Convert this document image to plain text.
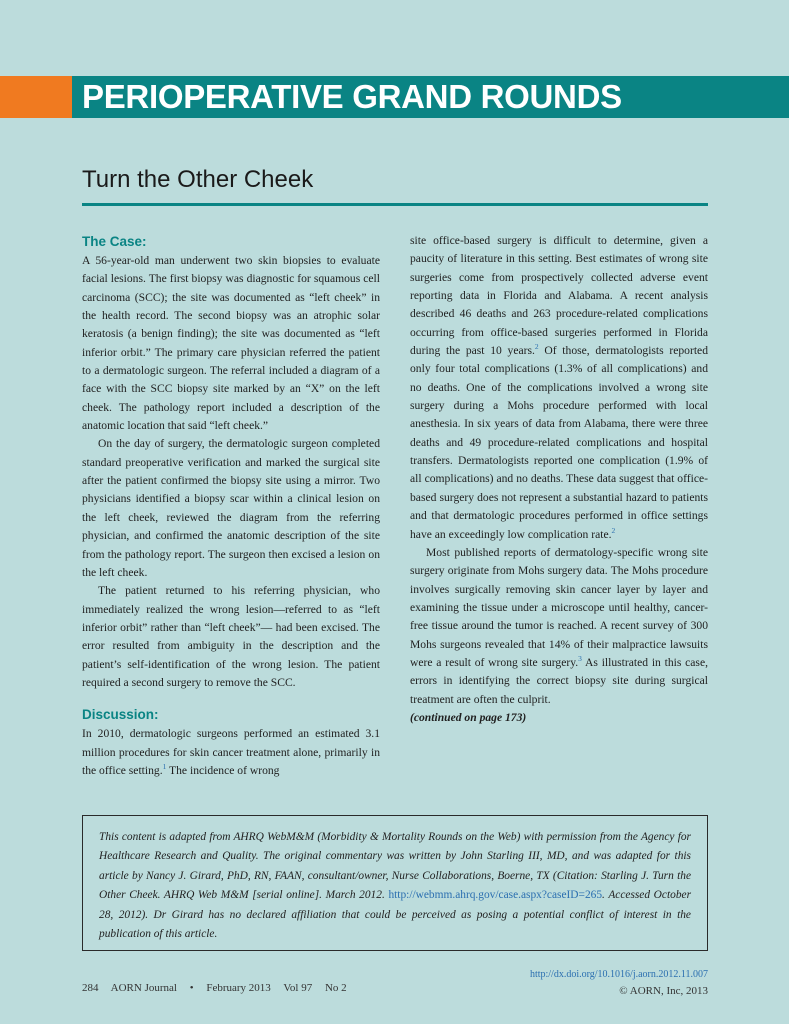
PERIOPERATIVE GRAND ROUNDS
Turn the Other Cheek
The Case:

A 56-year-old man underwent two skin biopsies to evaluate facial lesions. The first biopsy was diagnostic for squamous cell carcinoma (SCC); the site was documented as “left cheek” in the health record. The second biopsy was an atrophic solar keratosis (a benign finding); the site was documented as “left inferior orbit.” The primary care physician referred the patient to a dermatologic surgeon. The referral included a diagram of a face with the SCC biopsy site marked by an “X” on the left cheek. The pathology report included a description of the anatomic location that said “left cheek.”

On the day of surgery, the dermatologic surgeon completed standard preoperative verification and marked the surgical site after the patient confirmed the biopsy site using a mirror. Two physicians identified a biopsy scar within a clinical lesion on the left cheek, reviewed the diagram from the referring physician, and confirmed the anatomic description of the site from the pathology report. The surgeon then excised a lesion on the left cheek.

The patient returned to his referring physician, who immediately realized the wrong lesion—referred to as “left inferior orbit” rather than “left cheek”— had been excised. The error resulted from ambiguity in the description and the patient’s self-identification of the wrong lesion. The patient required a second surgery to remove the SCC.

Discussion:

In 2010, dermatologic surgeons performed an estimated 3.1 million procedures for skin cancer treatment alone, primarily in the office setting.$^1$ The incidence of wrong

site office-based surgery is difficult to determine, given a paucity of literature in this setting. Best estimates of wrong site surgeries come from prospectively collected adverse event reporting data in Florida and Alabama. A recent analysis described 46 deaths and 263 procedure-related complications occurring from office-based surgeries performed in Florida during the past 10 years.$^2$ Of those, dermatologists reported only four total complications (1.3% of all complications) and no deaths. One of the complications involved a wrong site surgery during a Mohs procedure performed with local anesthesia. In six years of data from Alabama, there were three deaths and 49 procedure-related complications and hospital transfers. Dermatologists reported one complication (1.9% of all complications) and no deaths. These data suggest that office-based surgery does not represent a substantial hazard to patients and that dermatologic procedures performed in office settings have an exceedingly low complication rate.$^2$

Most published reports of dermatology-specific wrong site surgery originate from Mohs surgery data. The Mohs procedure involves surgically removing skin cancer layer by layer and examining the tissue under a microscope until healthy, cancer-free tissue around the tumor is reached. A recent survey of 300 Mohs surgeons revealed that 14% of their malpractice lawsuits were a result of wrong site surgery.$^3$ As illustrated in this case, errors in identifying the correct biopsy site during surgical treatment are often the culprit.

(continued on page 173)

This content is adapted from AHRQ WebM&M (Morbidity & Mortality Rounds on the Web) with permission from the Agency for Healthcare Research and Quality. The original commentary was written by John Starling III, MD, and was adapted for this article by Nancy J. Girard, PhD, RN, FAAN, consultant/owner, Nurse Collaborations, Boerne, TX (Citation: Starling J. Turn the Other Cheek. AHRQ Web M&M [serial online]. March 2012. http://webmm.ahrq.gov/case.aspx?caseID=265. Accessed October 28, 2012). Dr Girard has no declared affiliation that could be perceived as posing a potential conflict of interest in the publication of this article.
284 AORN Journal • February 2013 Vol 97 No 2
http://dx.doi.org/10.1016/j.aorn.2012.11.007
© AORN, Inc, 2013
